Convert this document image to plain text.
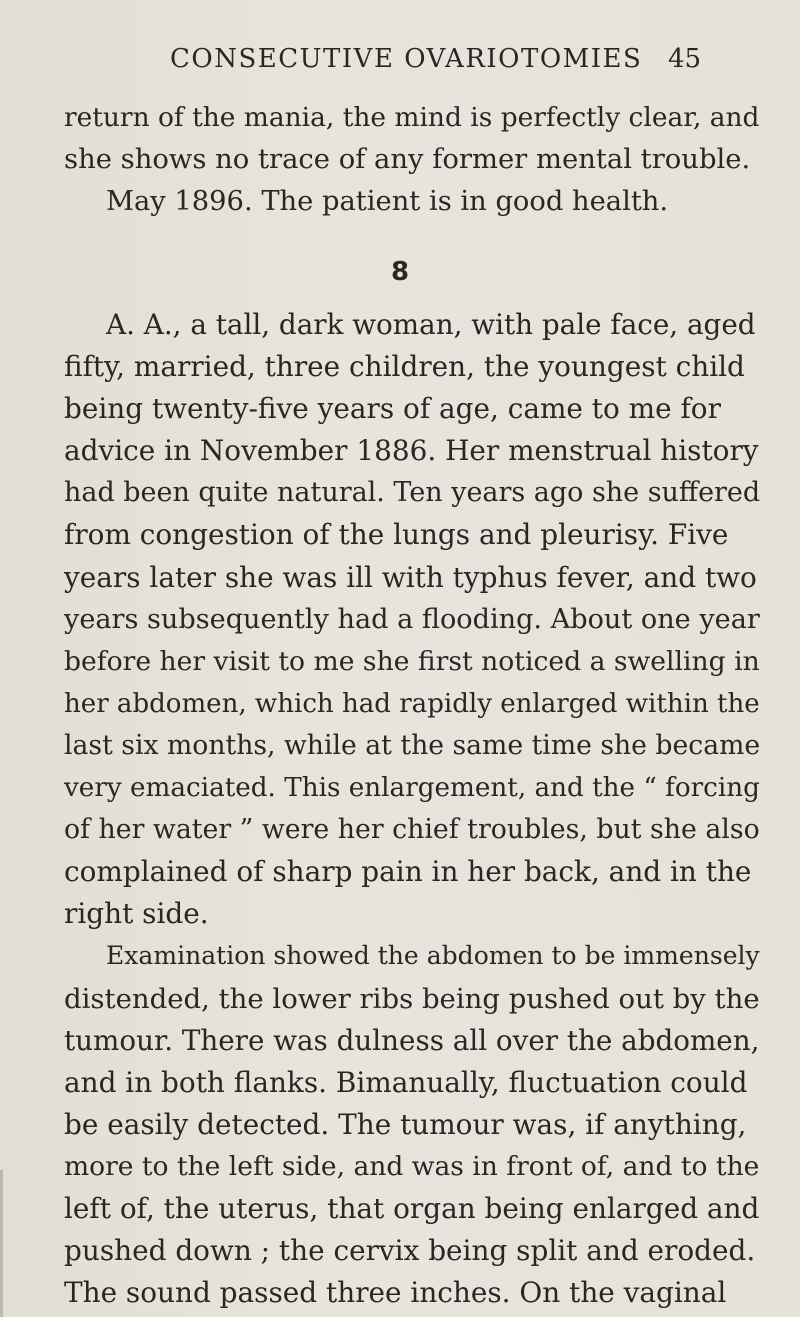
CONSECUTIVE OVARIOTOMIES 45
return of the mania, the mind is perfectly clear, and
she shows no trace of any former mental trouble.
May 1896. The patient is in good health.
8
A. A., a tall, dark woman, with pale face, aged
fifty, married, three children, the youngest child
being twenty-five years of age, came to me for
advice in November 1886. Her menstrual history
had been quite natural. Ten years ago she suffered
from congestion of the lungs and pleurisy. Five
years later she was ill with typhus fever, and two
years subsequently had a flooding. About one year
before her visit to me she first noticed a swelling in
her abdomen, which had rapidly enlarged within the
last six months, while at the same time she became
very emaciated. This enlargement, and the “ forcing
of her water ” were her chief troubles, but she also
complained of sharp pain in her back, and in the
right side.
Examination showed the abdomen to be immensely
distended, the lower ribs being pushed out by the
tumour. There was dulness all over the abdomen,
and in both flanks. Bimanually, fluctuation could
be easily detected. The tumour was, if anything,
more to the left side, and was in front of, and to the
left of, the uterus, that organ being enlarged and
pushed down ; the cervix being split and eroded.
The sound passed three inches. On the vaginal
